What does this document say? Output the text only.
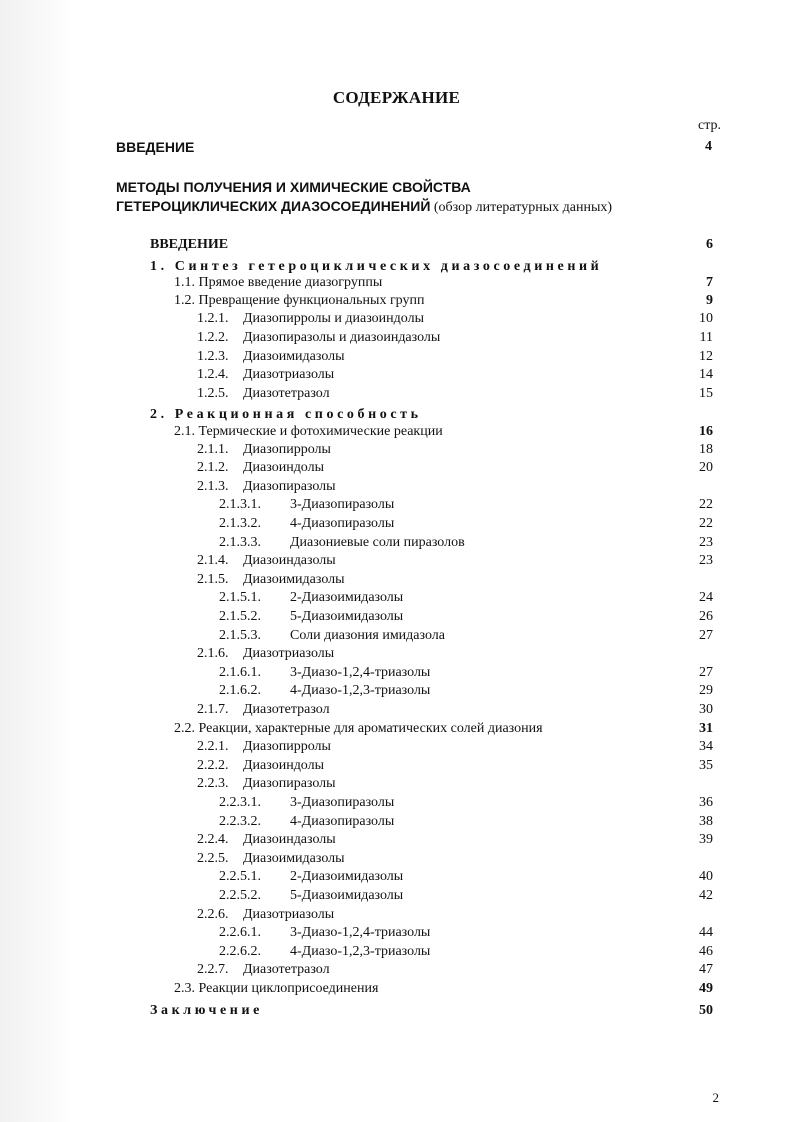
СОДЕРЖАНИЕ
стр.
ВВЕДЕНИЕ	4
МЕТОДЫ ПОЛУЧЕНИЯ И ХИМИЧЕСКИЕ СВОЙСТВА
ГЕТЕРОЦИКЛИЧЕСКИХ ДИАЗОСОЕДИНЕНИЙ (обзор литературных данных)
ВВЕДЕНИЕ	6
1. Синтез гетероциклических диазосоединений
1.1. Прямое введение диазогруппы	7
1.2. Превращение функциональных групп	9
1.2.1. Диазопирролы и диазоиндолы	10
1.2.2. Диазопиразолы и диазоиндазолы	11
1.2.3. Диазоимидазолы	12
1.2.4. Диазотриазолы	14
1.2.5. Диазотетразол	15
2. Реакционная способность
2.1. Термические и фотохимические реакции	16
2.1.1. Диазопирролы	18
2.1.2. Диазоиндолы	20
2.1.3. Диазопиразолы
2.1.3.1. 3-Диазопиразолы	22
2.1.3.2. 4-Диазопиразолы	22
2.1.3.3. Диазониевые соли пиразолов	23
2.1.4. Диазоиндазолы	23
2.1.5. Диазоимидазолы
2.1.5.1. 2-Диазоимидазолы	24
2.1.5.2. 5-Диазоимидазолы	26
2.1.5.3. Соли диазония имидазола	27
2.1.6. Диазотриазолы
2.1.6.1. 3-Диазо-1,2,4-триазолы	27
2.1.6.2. 4-Диазо-1,2,3-триазолы	29
2.1.7. Диазотетразол	30
2.2. Реакции, характерные для ароматических солей диазония	31
2.2.1. Диазопирролы	34
2.2.2. Диазоиндолы	35
2.2.3. Диазопиразолы
2.2.3.1. 3-Диазопиразолы	36
2.2.3.2. 4-Диазопиразолы	38
2.2.4. Диазоиндазолы	39
2.2.5. Диазоимидазолы
2.2.5.1. 2-Диазоимидазолы	40
2.2.5.2. 5-Диазоимидазолы	42
2.2.6. Диазотриазолы
2.2.6.1. 3-Диазо-1,2,4-триазолы	44
2.2.6.2. 4-Диазо-1,2,3-триазолы	46
2.2.7. Диазотетразол	47
2.3. Реакции циклоприсоединения	49
Заключение	50
2
